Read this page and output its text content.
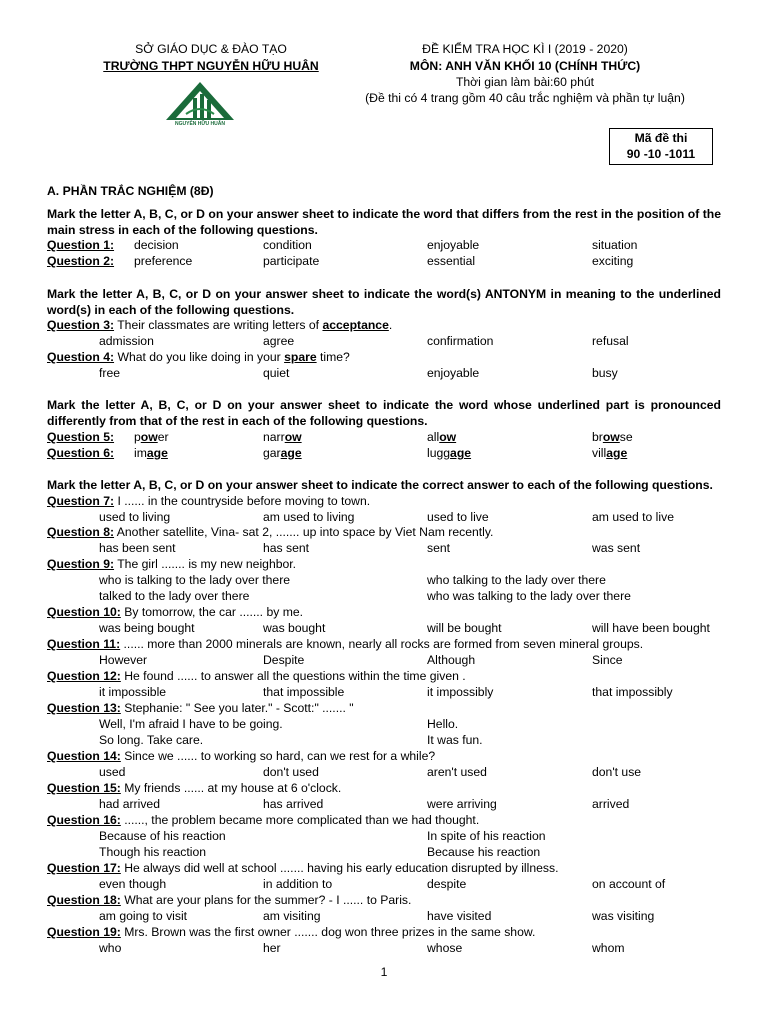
SỞ GIÁO DỤC & ĐÀO TẠO
TRƯỜNG THPT NGUYỄN HỮU HUÂN
NGUYỄN HỮU HUÂN
ĐỀ KIỂM TRA HỌC KÌ I (2019 - 2020)
MÔN: ANH VĂN KHỐI 10 (CHÍNH THỨC)
Thời gian làm bài:60 phút
(Đề thi có 4 trang gồm 40 câu trắc nghiệm và phần tự luận)
Mã đề thi
90 -10 -1011
A. PHẦN TRẮC NGHIỆM (8Đ)
Mark the letter A, B, C, or D on your answer sheet to indicate the word that differs from the rest in the position of the main stress in each of the following questions.
Question 1: decision	condition	enjoyable	situation
Question 2: preference	participate	essential	exciting
Mark the letter A, B, C, or D on your answer sheet to indicate the word(s) ANTONYM in meaning to the underlined word(s) in each of the following questions.
Question 3: Their classmates are writing letters of acceptance.
admission	agree	confirmation	refusal
Question 4: What do you like doing in your spare time?
free	quiet	enjoyable	busy
Mark the letter A, B, C, or D on your answer sheet to indicate the word whose underlined part is pronounced differently from that of the rest in each of the following questions.
Question 5: power	narrow	allow	browse
Question 6: image	garage	luggage	village
Mark the letter A, B, C, or D on your answer sheet to indicate the correct answer to each of the following questions.
Question 7: I ...... in the countryside before moving to town.
used to living	am used to living	used to live	am used to live
Question 8: Another satellite, Vina- sat 2, ....... up into space by Viet Nam recently.
has been sent	has sent	sent	was sent
Question 9: The girl ....... is my new neighbor.
who is talking to the lady over there	who talking to the lady over there
talked to the lady over there	who was talking to the lady over there
Question 10: By tomorrow, the car ....... by me.
was being bought	was bought	will be bought	will have been bought
Question 11: ...... more than 2000 minerals are known, nearly all rocks are formed from seven mineral groups.
However	Despite	Although	Since
Question 12: He found ...... to answer all the questions within the time given .
it impossible	that impossible	it impossibly	that impossibly
Question 13: Stephanie: " See you later." - Scott:" ....... "
Well, I'm afraid I have to be going.	Hello.
So long. Take care.	It was fun.
Question 14: Since we ...... to working so hard, can we rest for a while?
used	don't used	aren't used	don't use
Question 15: My friends ...... at my house at 6 o'clock.
had arrived	has arrived	were arriving	arrived
Question 16: ......, the problem became more complicated than we had thought.
Because of his reaction	In spite of his reaction
Though his reaction	Because his reaction
Question 17: He always did well at school ....... having his early education disrupted by illness.
even though	in addition to	despite	on account of
Question 18: What are your plans for the summer? - I ...... to Paris.
am going to visit	am visiting	have visited	was visiting
Question 19: Mrs. Brown was the first owner ....... dog won three prizes in the same show.
who	her	whose	whom
1
